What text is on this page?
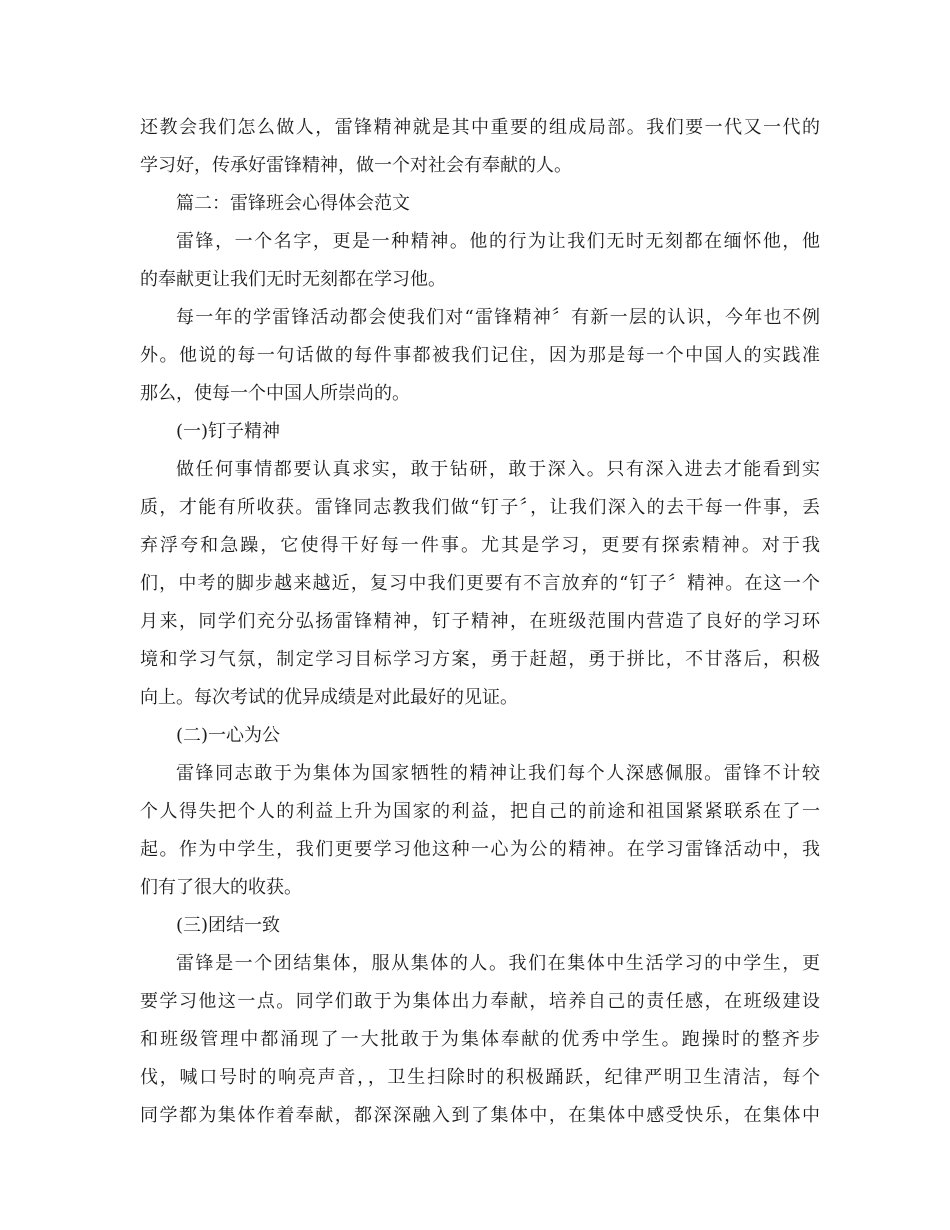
还教会我们怎么做人，雷锋精神就是其中重要的组成局部。我们要一代又一代的
学习好，传承好雷锋精神，做一个对社会有奉献的人。
篇二：雷锋班会心得体会范文
雷锋，一个名字，更是一种精神。他的行为让我们无时无刻都在缅怀他，他
的奉献更让我们无时无刻都在学习他。
每一年的学雷锋活动都会使我们对“雷锋精神〞有新一层的认识，今年也不例
外。他说的每一句话做的每件事都被我们记住，因为那是每一个中国人的实践准
那么，使每一个中国人所崇尚的。
(一)钉子精神
做任何事情都要认真求实，敢于钻研，敢于深入。只有深入进去才能看到实
质，才能有所收获。雷锋同志教我们做“钉子〞，让我们深入的去干每一件事，丢
弃浮夸和急躁，它使得干好每一件事。尤其是学习，更要有探索精神。对于我
们，中考的脚步越来越近，复习中我们更要有不言放弃的“钉子〞精神。在这一个
月来，同学们充分弘扬雷锋精神，钉子精神，在班级范围内营造了良好的学习环
境和学习气氛，制定学习目标学习方案，勇于赶超，勇于拼比，不甘落后，积极
向上。每次考试的优异成绩是对此最好的见证。
(二)一心为公
雷锋同志敢于为集体为国家牺牲的精神让我们每个人深感佩服。雷锋不计较
个人得失把个人的利益上升为国家的利益，把自己的前途和祖国紧紧联系在了一
起。作为中学生，我们更要学习他这种一心为公的精神。在学习雷锋活动中，我
们有了很大的收获。
(三)团结一致
雷锋是一个团结集体，服从集体的人。我们在集体中生活学习的中学生，更
要学习他这一点。同学们敢于为集体出力奉献，培养自己的责任感，在班级建设
和班级管理中都涌现了一大批敢于为集体奉献的优秀中学生。跑操时的整齐步
伐，喊口号时的响亮声音，，卫生扫除时的积极踊跃，纪律严明卫生清洁，每个
同学都为集体作着奉献，都深深融入到了集体中，在集体中感受快乐，在集体中
